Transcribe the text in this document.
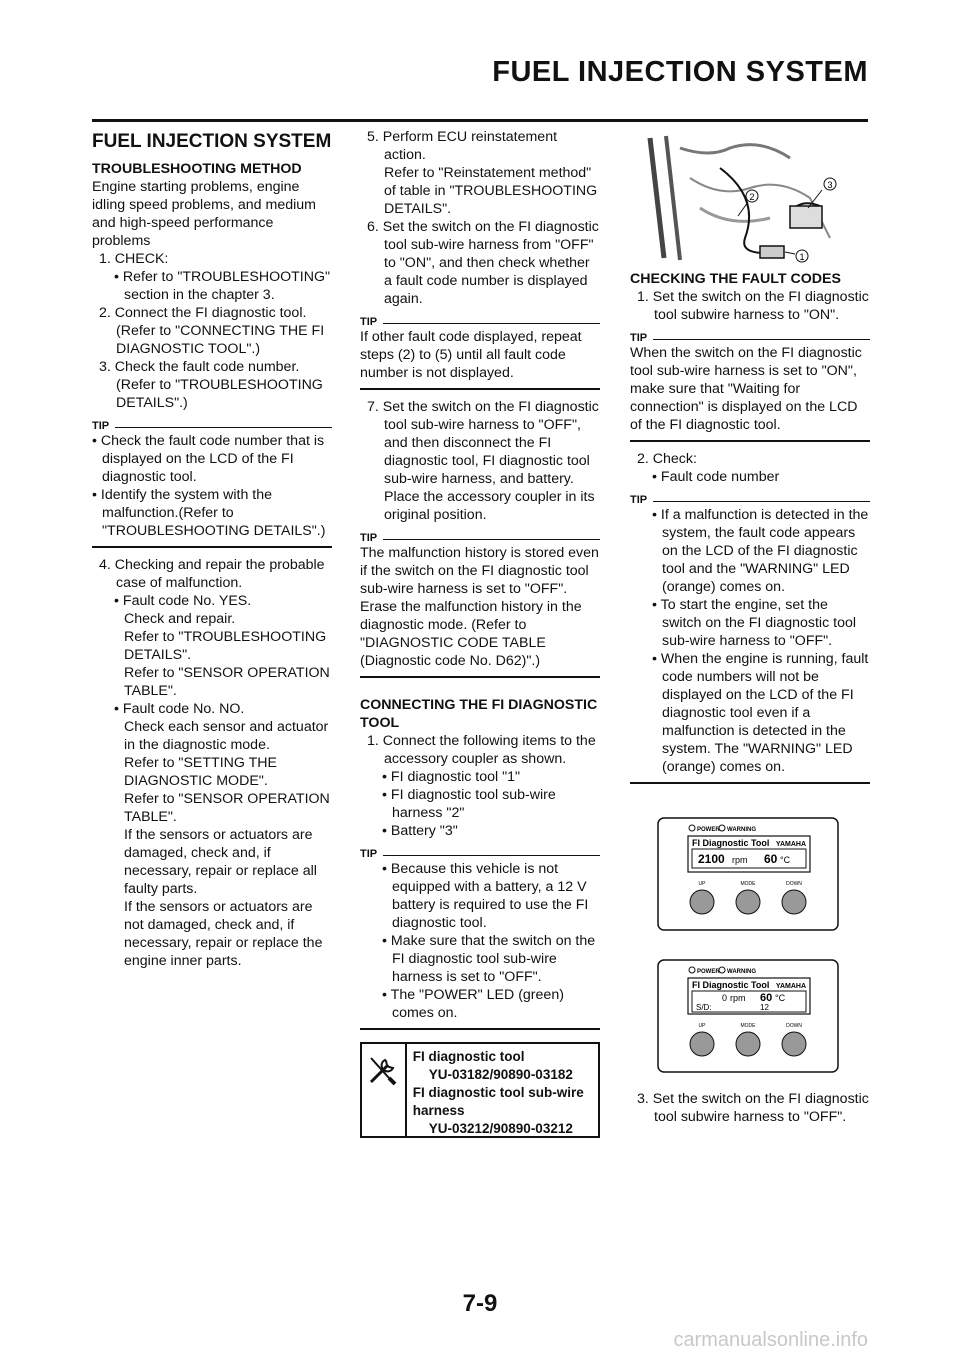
FUEL INJECTION SYSTEM
FUEL INJECTION SYSTEM

TROUBLESHOOTING METHOD

Engine starting problems, engine idling speed problems, and medium and high-speed performance problems

1. CHECK:

• Refer to "TROUBLESHOOTING" section in the chapter 3.

2. Connect the FI diagnostic tool.

(Refer to "CONNECTING THE FI DIAGNOSTIC TOOL".)

3. Check the fault code number.

(Refer to "TROUBLESHOOTING DETAILS".)

TIP

• Check the fault code number that is displayed on the LCD of the FI diagnostic tool.

• Identify the system with the malfunction.(Refer to "TROUBLESHOOTING DETAILS".)

4. Checking and repair the probable case of malfunction.

• Fault code No. YES.

Check and repair.

Refer to "TROUBLESHOOTING DETAILS".

Refer to "SENSOR OPERATION TABLE".

• Fault code No. NO.

Check each sensor and actuator in the diagnostic mode.

Refer to "SETTING THE DIAGNOSTIC MODE".

Refer to "SENSOR OPERATION TABLE".

If the sensors or actuators are damaged, check and, if necessary, repair or replace all faulty parts.

If the sensors or actuators are not damaged, check and, if necessary, repair or replace the engine inner parts.

5. Perform ECU reinstatement action.

Refer to "Reinstatement method" of table in "TROUBLESHOOTING DETAILS".

6. Set the switch on the FI diagnostic tool sub-wire harness from "OFF" to "ON", and then check whether a fault code number is displayed again.

TIP

If other fault code displayed, repeat steps (2) to (5) until all fault code number is not displayed.

7. Set the switch on the FI diagnostic tool sub-wire harness to "OFF", and then disconnect the FI diagnostic tool, FI diagnostic tool sub-wire harness, and battery. Place the accessory coupler in its original position.

TIP

The malfunction history is stored even if the switch on the FI diagnostic tool sub-wire harness is set to "OFF". Erase the malfunction history in the diagnostic mode. (Refer to "DIAGNOSTIC CODE TABLE (Diagnostic code No. D62)".)

CONNECTING THE FI DIAGNOSTIC TOOL

1. Connect the following items to the accessory coupler as shown.

• FI diagnostic tool "1"

• FI diagnostic tool sub-wire harness "2"

• Battery "3"

TIP

• Because this vehicle is not equipped with a battery, a 12 V battery is required to use the FI diagnostic tool.

• Make sure that the switch on the FI diagnostic tool sub-wire harness is set to "OFF".

• The "POWER" LED (green) comes on.

FI diagnostic tool
YU-03182/90890-03182
FI diagnostic tool sub-wire harness
YU-03212/90890-03212
3
2
1

CHECKING THE FAULT CODES

1. Set the switch on the FI diagnostic tool subwire harness to "ON".

TIP

When the switch on the FI diagnostic tool sub-wire harness is set to "ON", make sure that "Waiting for connection" is displayed on the LCD of the FI diagnostic tool.

2. Check:

• Fault code number

TIP

• If a malfunction is detected in the system, the fault code appears on the LCD of the FI diagnostic tool and the "WARNING" LED (orange) comes on.

• To start the engine, set the switch on the FI diagnostic tool sub-wire harness to "OFF".

• When the engine is running, fault code numbers will not be displayed on the LCD of the FI diagnostic tool even if a malfunction is detected in the system. The "WARNING" LED (orange) comes on.

POWER WARNING
FI Diagnostic Tool YAMAHA
2100 rpm 60 °C
UP	MODE	DOWN
POWER WARNING
FI Diagnostic Tool YAMAHA
0 rpm 60 °C
S/D:	12
UP	MODE	DOWN

3. Set the switch on the FI diagnostic tool subwire harness to "OFF".

7-9
carmanualsonline.info
